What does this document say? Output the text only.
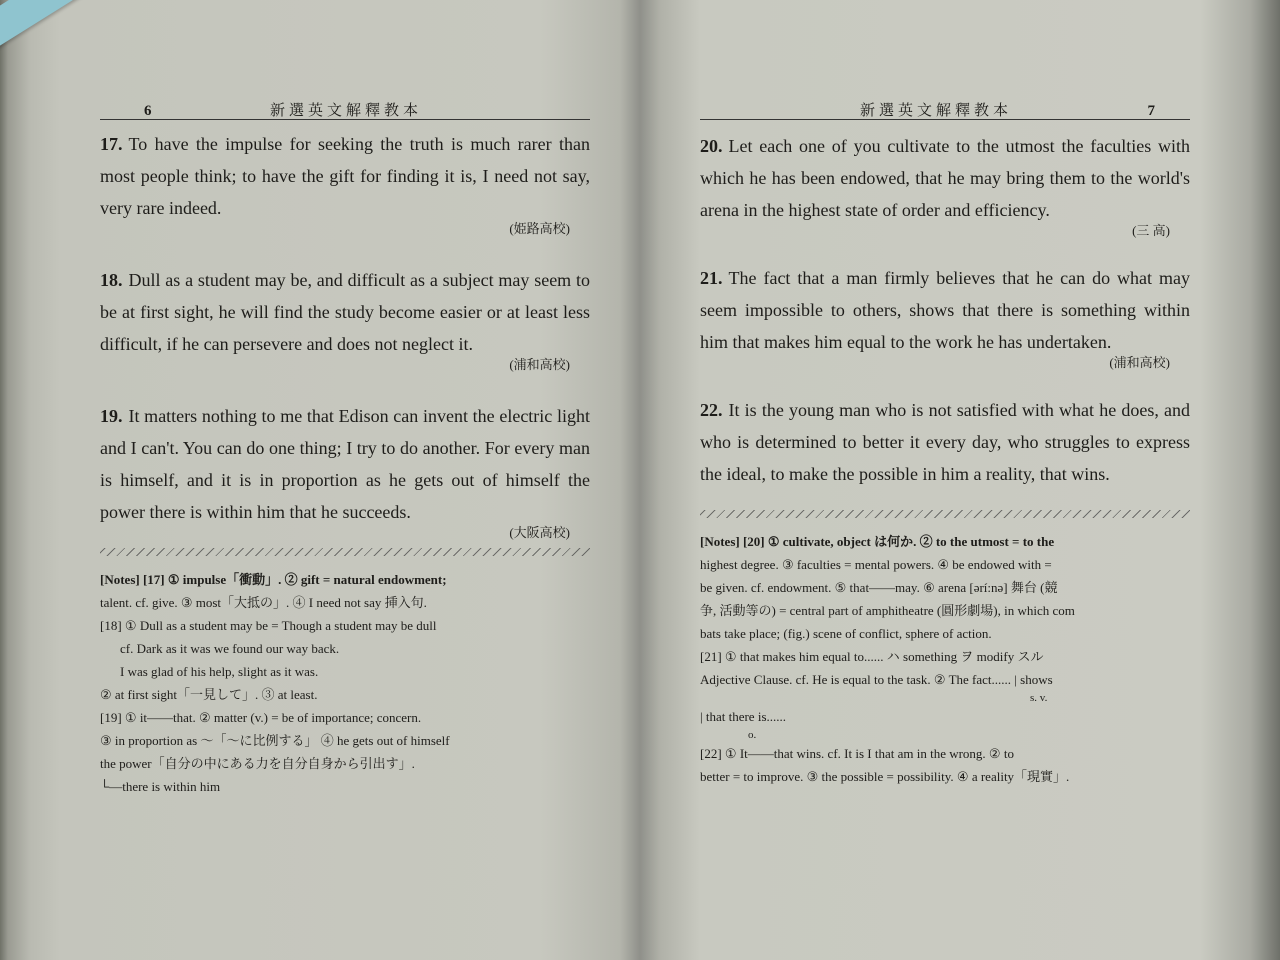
6	新選英文解釋教本
17. To have the impulse for seeking the truth is much rarer than most people think; to have the gift for finding it is, I need not say, very rare indeed.
(姫路高校)
18. Dull as a student may be, and difficult as a subject may seem to be at first sight, he will find the study become easier or at least less difficult, if he can persevere and does not neglect it.
(浦和高校)
19. It matters nothing to me that Edison can invent the electric light and I can't. You can do one thing; I try to do another. For every man is himself, and it is in proportion as he gets out of himself the power there is within him that he succeeds.
(大阪高校)
[Notes] [17] ① impulse「衝動」. ② gift = natural endowment;
talent. cf. give. ③ most「大抵の」. ④ I need not say 挿入句.
[18] ① Dull as a student may be = Though a student may be dull
cf. Dark as it was we found our way back.
I was glad of his help, slight as it was.
② at first sight「一見して」. ③ at least.
[19] ① it——that. ② matter (v.) = be of importance; concern.
③ in proportion as 〜「〜に比例する」 ④ he gets out of himself
the power「自分の中にある力を自分自身から引出す」.
└—there is within him
新選英文解釋教本	7
20. Let each one of you cultivate to the utmost the faculties with which he has been endowed, that he may bring them to the world's arena in the highest state of order and efficiency.
(三 高)
21. The fact that a man firmly believes that he can do what may seem impossible to others, shows that there is something within him that makes him equal to the work he has undertaken.
(浦和高校)
22. It is the young man who is not satisfied with what he does, and who is determined to better it every day, who struggles to express the ideal, to make the possible in him a reality, that wins.
[Notes] [20] ① cultivate, object は何か. ② to the utmost = to the
highest degree. ③ faculties = mental powers. ④ be endowed with =
be given. cf. endowment. ⑤ that——may. ⑥ arena [ərí:nə] 舞台 (競
争, 活動等の) = central part of amphitheatre (圓形劇場), in which com
bats take place; (fig.) scene of conflict, sphere of action.
[21] ① that makes him equal to...... ハ something ヲ modify スル
Adjective Clause. cf. He is equal to the task. ② The fact...... | shows
s. v.
| that there is......
o.
[22] ① It——that wins. cf. It is I that am in the wrong. ② to
better = to improve. ③ the possible = possibility. ④ a reality「現實」.
